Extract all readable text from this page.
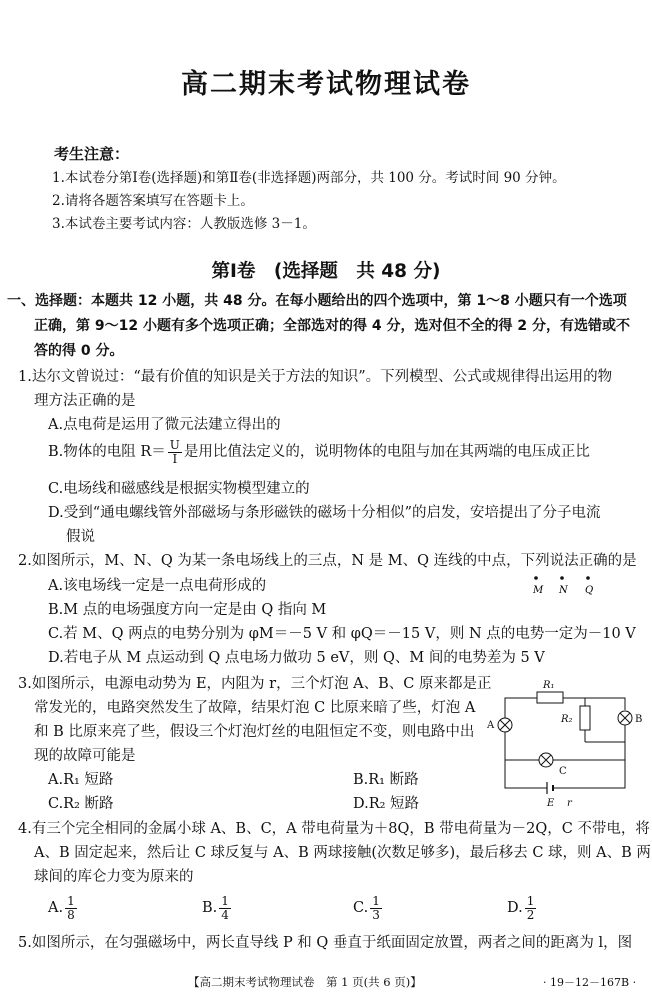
高二期末考试物理试卷
考生注意：
1.本试卷分第Ⅰ卷(选择题)和第Ⅱ卷(非选择题)两部分，共 100 分。考试时间 90 分钟。
2.请将各题答案填写在答题卡上。
3.本试卷主要考试内容：人教版选修 3－1。
第Ⅰ卷　(选择题　共 48 分)
一、选择题：本题共 12 小题，共 48 分。在每小题给出的四个选项中，第 1～8 小题只有一个选项
正确，第 9～12 小题有多个选项正确；全部选对的得 4 分，选对但不全的得 2 分，有选错或不
答的得 0 分。
1.达尔文曾说过：“最有价值的知识是关于方法的知识”。下列模型、公式或规律得出运用的物
理方法正确的是
A.点电荷是运用了微元法建立得出的
B.物体的电阻 $R= \frac{U}{I}$ 是用比值法定义的，说明物体的电阻与加在其两端的电压成正比
C.电场线和磁感线是根据实物模型建立的
D.受到“通电螺线管外部磁场与条形磁铁的磁场十分相似”的启发，安培提出了分子电流
假说
2.如图所示，M、N、Q 为某一条电场线上的三点，N 是 M、Q 连线的中点，下列说法正确的是
A.该电场线一定是一点电荷形成的
B.M 点的电场强度方向一定是由 Q 指向 M
C.若 M、Q 两点的电势分别为 φM＝－5 V 和 φQ＝－15 V，则 N 点的电势一定为－10 V
D.若电子从 M 点运动到 Q 点电场力做功 5 eV，则 Q、M 间的电势差为 5 V
M N Q
3.如图所示，电源电动势为 E，内阻为 r，三个灯泡 A、B、C 原来都是正
常发光的，电路突然发生了故障，结果灯泡 C 比原来暗了些，灯泡 A
和 B 比原来亮了些，假设三个灯泡灯丝的电阻恒定不变，则电路中出
现的故障可能是
A.R₁ 短路	B.R₁ 断路
C.R₂ 断路	D.R₂ 短路
R₁
R₂
A
B
C
E r
4.有三个完全相同的金属小球 A、B、C，A 带电荷量为＋8Q，B 带电荷量为－2Q，C 不带电，将
A、B 固定起来，然后让 C 球反复与 A、B 两球接触(次数足够多)，最后移去 C 球，则 A、B 两
球间的库仑力变为原来的
A. $\frac{1}{8}$	B. $\frac{1}{4}$	C. $\frac{1}{3}$	D. $\frac{1}{2}$
5.如图所示，在匀强磁场中，两长直导线 P 和 Q 垂直于纸面固定放置，两者之间的距离为 l，图
【高二期末考试物理试卷　第 1 页(共 6 页)】	· 19－12－167B ·
